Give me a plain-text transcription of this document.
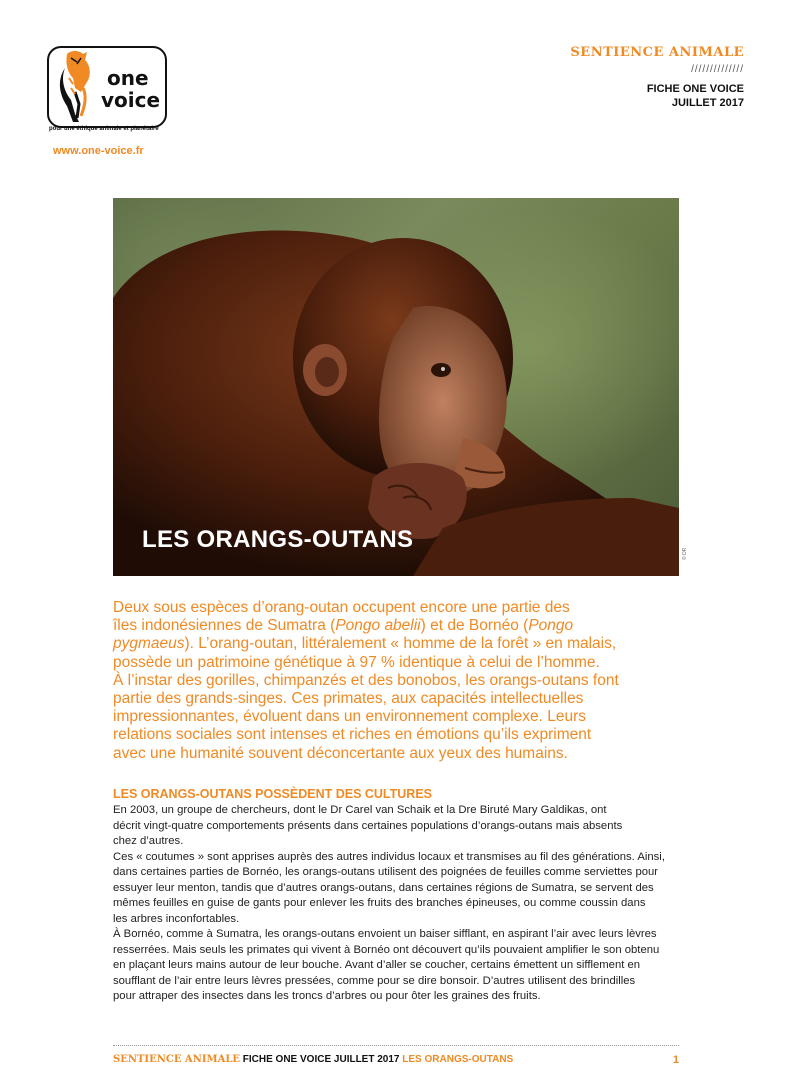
one
voice
pour une éthique animale et planétaire
www.one-voice.fr
SENTIENCE ANIMALE
//////////////
FICHE ONE VOICE
JUILLET 2017
LES ORANGS-OUTANS
© DR

Deux sous espèces d’orang-outan occupent encore une partie des

îles indonésiennes de Sumatra (Pongo abelii) et de Bornéo (Pongo

pygmaeus). L’orang-outan, littéralement « homme de la forêt » en malais,

possède un patrimoine génétique à 97 % identique à celui de l’homme.

À l’instar des gorilles, chimpanzés et des bonobos, les orangs-outans font

partie des grands-singes. Ces primates, aux capacités intellectuelles

impressionnantes, évoluent dans un environnement complexe. Leurs

relations sociales sont intenses et riches en émotions qu’ils expriment

avec une humanité souvent déconcertante aux yeux des humains.

LES ORANGS-OUTANS POSSÈDENT DES CULTURES
En 2003, un groupe de chercheurs, dont le Dr Carel van Schaik et la Dre Biruté Mary Galdikas, ont
décrit vingt-quatre comportements présents dans certaines populations d’orangs-outans mais absents
chez d’autres.
Ces « coutumes » sont apprises auprès des autres individus locaux et transmises au fil des générations. Ainsi,
dans certaines parties de Bornéo, les orangs-outans utilisent des poignées de feuilles comme serviettes pour
essuyer leur menton, tandis que d’autres orangs-outans, dans certaines régions de Sumatra, se servent des
mêmes feuilles en guise de gants pour enlever les fruits des branches épineuses, ou comme coussin dans
les arbres inconfortables.
À Bornéo, comme à Sumatra, les orangs-outans envoient un baiser sifflant, en aspirant l’air avec leurs lèvres
resserrées. Mais seuls les primates qui vivent à Bornéo ont découvert qu’ils pouvaient amplifier le son obtenu
en plaçant leurs mains autour de leur bouche. Avant d’aller se coucher, certains émettent un sifflement en
soufflant de l’air entre leurs lèvres pressées, comme pour se dire bonsoir. D’autres utilisent des brindilles
pour attraper des insectes dans les troncs d’arbres ou pour ôter les graines des fruits.
SENTIENCE ANIMALE FICHE ONE VOICE JUILLET 2017 LES ORANGS-OUTANS	1
